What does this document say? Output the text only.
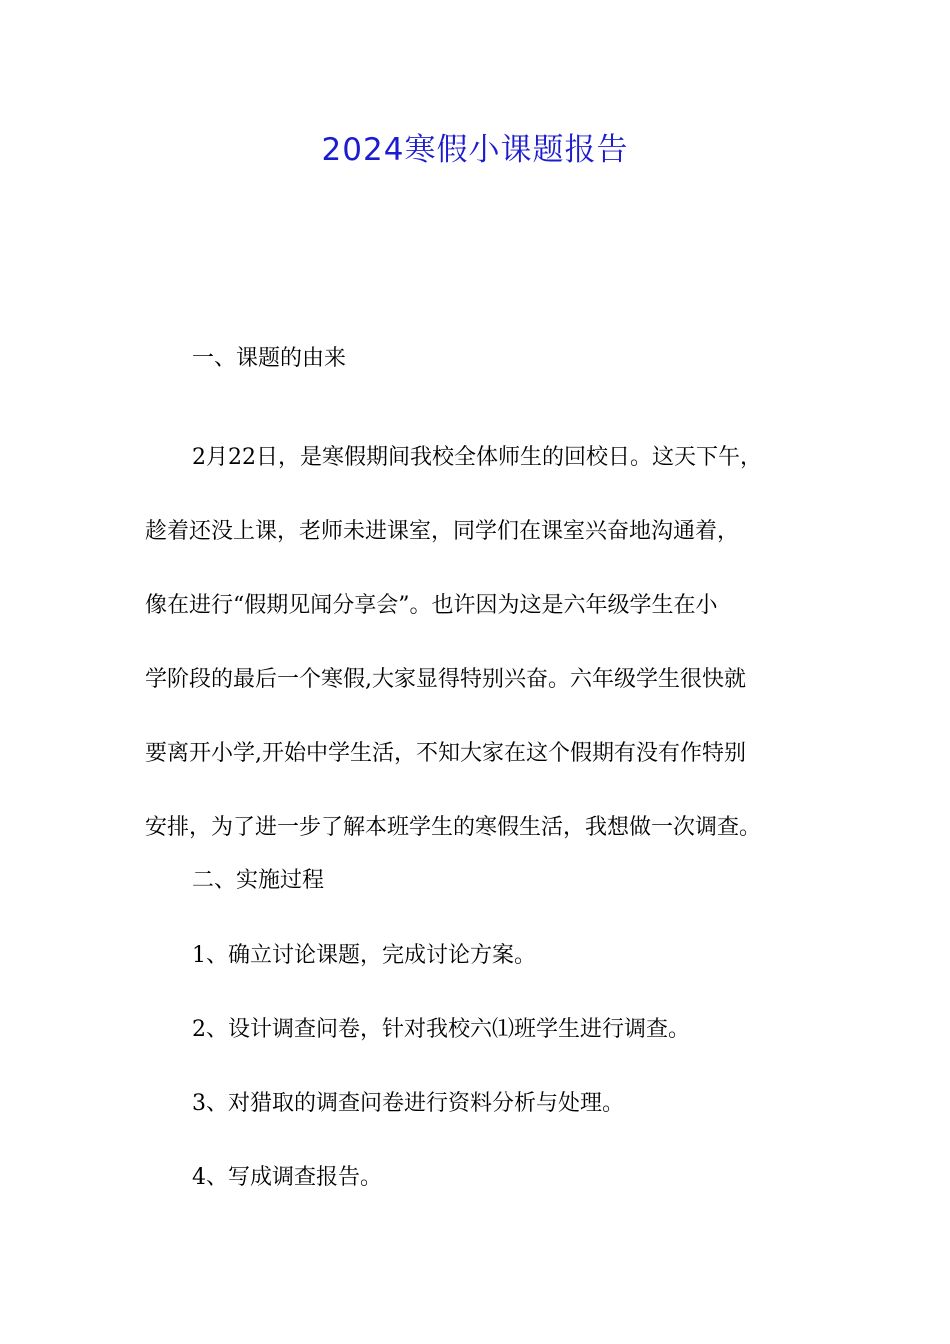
2024寒假小课题报告
一、课题的由来
2月22日，是寒假期间我校全体师生的回校日。这天下午，
趁着还没上课，老师未进课室，同学们在课室兴奋地沟通着，
像在进行“假期见闻分享会”。也许因为这是六年级学生在小
学阶段的最后一个寒假,大家显得特别兴奋。六年级学生很快就
要离开小学,开始中学生活，不知大家在这个假期有没有作特别
安排，为了进一步了解本班学生的寒假生活，我想做一次调查。
二、实施过程
1、确立讨论课题，完成讨论方案。
2、设计调查问卷，针对我校六⑴班学生进行调查。
3、对猎取的调查问卷进行资料分析与处理。
4、写成调查报告。
